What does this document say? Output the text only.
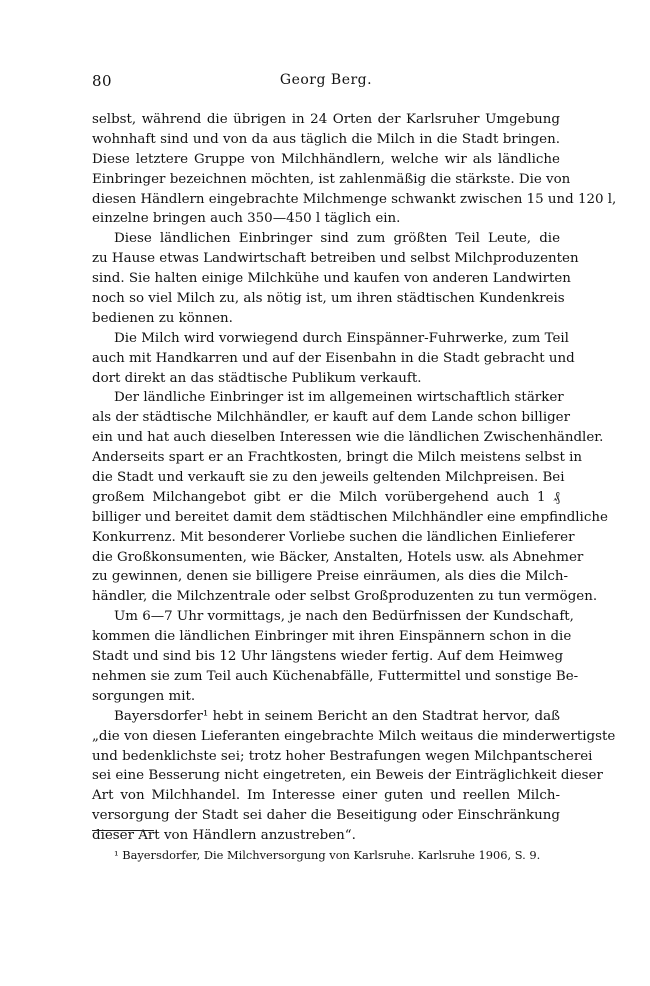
80	Georg Berg.
selbst, während die übrigen in 24 Orten der Karlsruher Umgebung
wohnhaft sind und von da aus täglich die Milch in die Stadt bringen.
Diese letztere Gruppe von Milchhändlern, welche wir als ländliche
Einbringer bezeichnen möchten, ist zahlenmäßig die stärkste. Die von
diesen Händlern eingebrachte Milchmenge schwankt zwischen 15 und 120 l,
einzelne bringen auch 350—450 l täglich ein.
Diese ländlichen Einbringer sind zum größten Teil Leute, die
zu Hause etwas Landwirtschaft betreiben und selbst Milchproduzenten
sind. Sie halten einige Milchkühe und kaufen von anderen Landwirten
noch so viel Milch zu, als nötig ist, um ihren städtischen Kundenkreis
bedienen zu können.
Die Milch wird vorwiegend durch Einspänner-Fuhrwerke, zum Teil
auch mit Handkarren und auf der Eisenbahn in die Stadt gebracht und
dort direkt an das städtische Publikum verkauft.
Der ländliche Einbringer ist im allgemeinen wirtschaftlich stärker
als der städtische Milchhändler, er kauft auf dem Lande schon billiger
ein und hat auch dieselben Interessen wie die ländlichen Zwischenhändler.
Anderseits spart er an Frachtkosten, bringt die Milch meistens selbst in
die Stadt und verkauft sie zu den jeweils geltenden Milchpreisen. Bei
großem Milchangebot gibt er die Milch vorübergehend auch 1 ₰
billiger und bereitet damit dem städtischen Milchhändler eine empfindliche
Konkurrenz. Mit besonderer Vorliebe suchen die ländlichen Einlieferer
die Großkonsumenten, wie Bäcker, Anstalten, Hotels usw. als Abnehmer
zu gewinnen, denen sie billigere Preise einräumen, als dies die Milch-
händler, die Milchzentrale oder selbst Großproduzenten zu tun vermögen.
Um 6—7 Uhr vormittags, je nach den Bedürfnissen der Kundschaft,
kommen die ländlichen Einbringer mit ihren Einspännern schon in die
Stadt und sind bis 12 Uhr längstens wieder fertig. Auf dem Heimweg
nehmen sie zum Teil auch Küchenabfälle, Futtermittel und sonstige Be-
sorgungen mit.
Bayersdorfer¹ hebt in seinem Bericht an den Stadtrat hervor, daß
„die von diesen Lieferanten eingebrachte Milch weitaus die minderwertigste
und bedenklichste sei; trotz hoher Bestrafungen wegen Milchpantscherei
sei eine Besserung nicht eingetreten, ein Beweis der Einträglichkeit dieser
Art von Milchhandel. Im Interesse einer guten und reellen Milch-
versorgung der Stadt sei daher die Beseitigung oder Einschränkung
dieser Art von Händlern anzustreben“.
¹ Bayersdorfer, Die Milchversorgung von Karlsruhe. Karlsruhe 1906, S. 9.
